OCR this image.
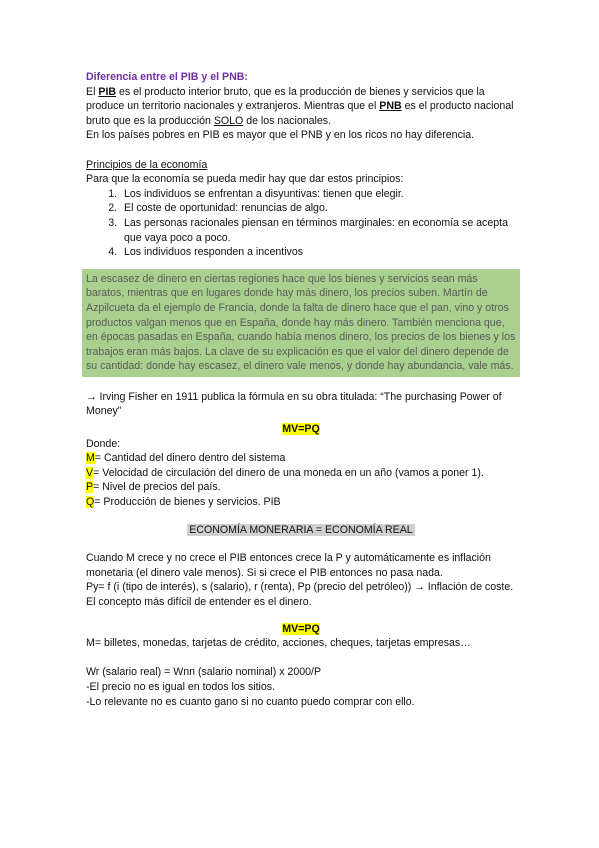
Diferencia entre el PIB y el PNB:
El PIB es el producto interior bruto, que es la producción de bienes y servicios que la produce un territorio nacionales y extranjeros. Mientras que el PNB es el producto nacional bruto que es la producción SOLO de los nacionales.
En los países pobres en PIB es mayor que el PNB y en los ricos no hay diferencia.
Principios de la economía
Para que la economía se pueda medir hay que dar estos principios:
1. Los individuos se enfrentan a disyuntivas: tienen que elegir.
2. El coste de oportunidad: renuncias de algo.
3. Las personas racionales piensan en términos marginales: en economía se acepta que vaya poco a poco.
4. Los individuos responden a incentivos
La escasez de dinero en ciertas regiones hace que los bienes y servicios sean más baratos, mientras que en lugares donde hay más dinero, los precios suben. Martín de Azpilcueta da el ejemplo de Francia, donde la falta de dinero hace que el pan, vino y otros productos valgan menos que en España, donde hay más dinero. También menciona que, en épocas pasadas en España, cuando había menos dinero, los precios de los bienes y los trabajos eran más bajos. La clave de su explicación es que el valor del dinero depende de su cantidad: donde hay escasez, el dinero vale menos, y donde hay abundancia, vale más.
→ Irving Fisher en 1911 publica la fórmula en su obra titulada: “The purchasing Power of Money”
MV=PQ
Donde:
M= Cantidad del dinero dentro del sistema
V= Velocidad de circulación del dinero de una moneda en un año (vamos a poner 1).
P= Nivel de precios del país.
Q= Producción de bienes y servicios. PIB
ECONOMÍA MONERARIA = ECONOMÍA REAL
Cuando M crece y no crece el PIB entonces crece la P y automáticamente es inflación monetaria (el dinero vale menos). Si si crece el PIB entonces no pasa nada.
Py= f (i (tipo de interés), s (salario), r (renta), Pp (precio del petróleo)) → Inflación de coste.
El concepto más difícil de entender es el dinero.
MV=PQ
M= billetes, monedas, tarjetas de crédito, acciones, cheques, tarjetas empresas…
Wr (salario real) = Wnn (salario nominal) x 2000/P
-El precio no es igual en todos los sitios.
-Lo relevante no es cuanto gano si no cuanto puedo comprar con ello.
